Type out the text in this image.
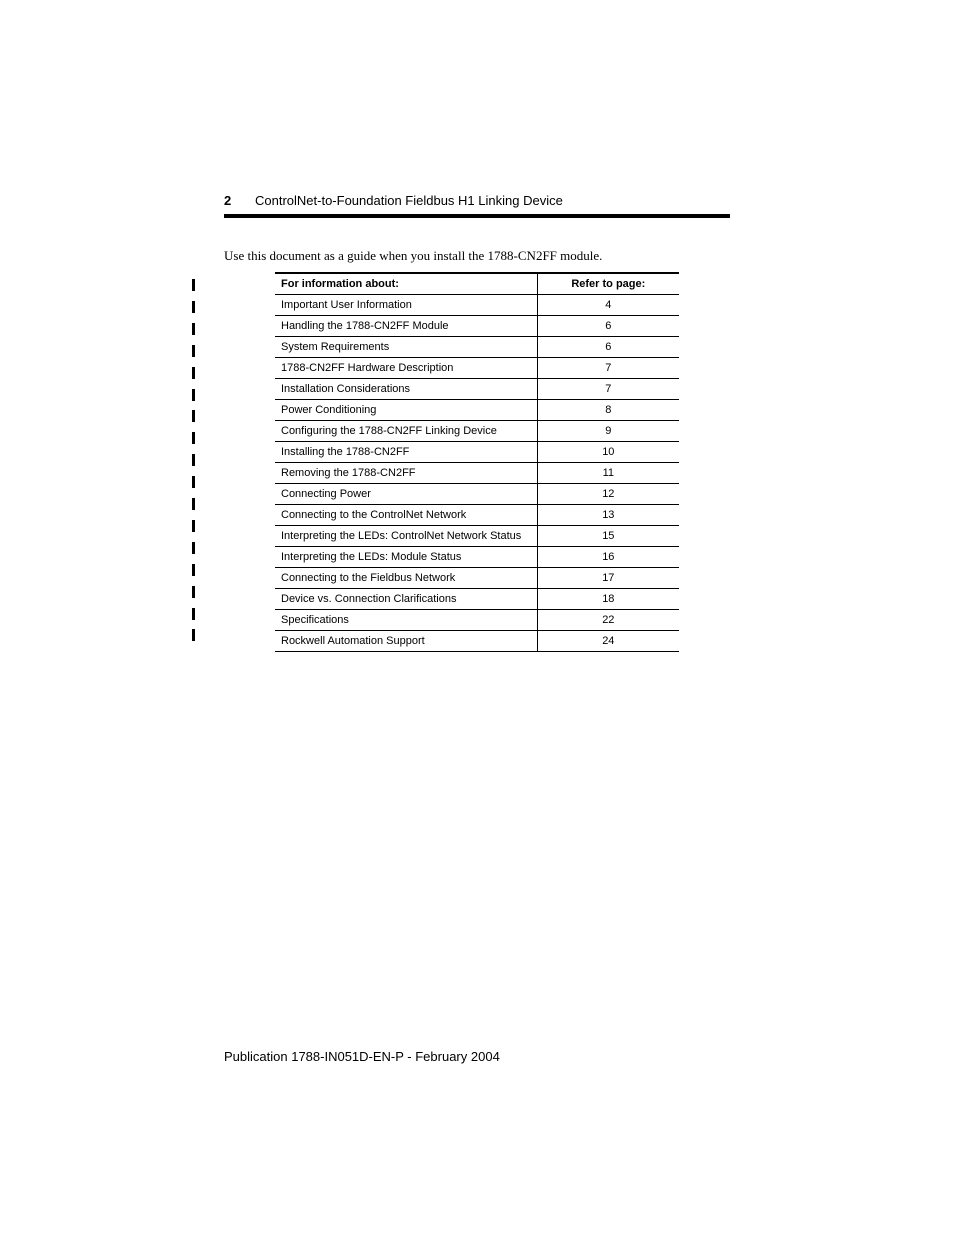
2 ControlNet-to-Foundation Fieldbus H1 Linking Device
Use this document as a guide when you install the 1788-CN2FF module.
For information about:	Refer to page:
Important User Information	4
Handling the 1788-CN2FF Module	6
System Requirements	6
1788-CN2FF Hardware Description	7
Installation Considerations	7
Power Conditioning	8
Configuring the 1788-CN2FF Linking Device	9
Installing the 1788-CN2FF	10
Removing the 1788-CN2FF	11
Connecting Power	12
Connecting to the ControlNet Network	13
Interpreting the LEDs: ControlNet Network Status	15
Interpreting the LEDs: Module Status	16
Connecting to the Fieldbus Network	17
Device vs. Connection Clarifications	18
Specifications	22
Rockwell Automation Support	24
Publication 1788-IN051D-EN-P - February 2004
